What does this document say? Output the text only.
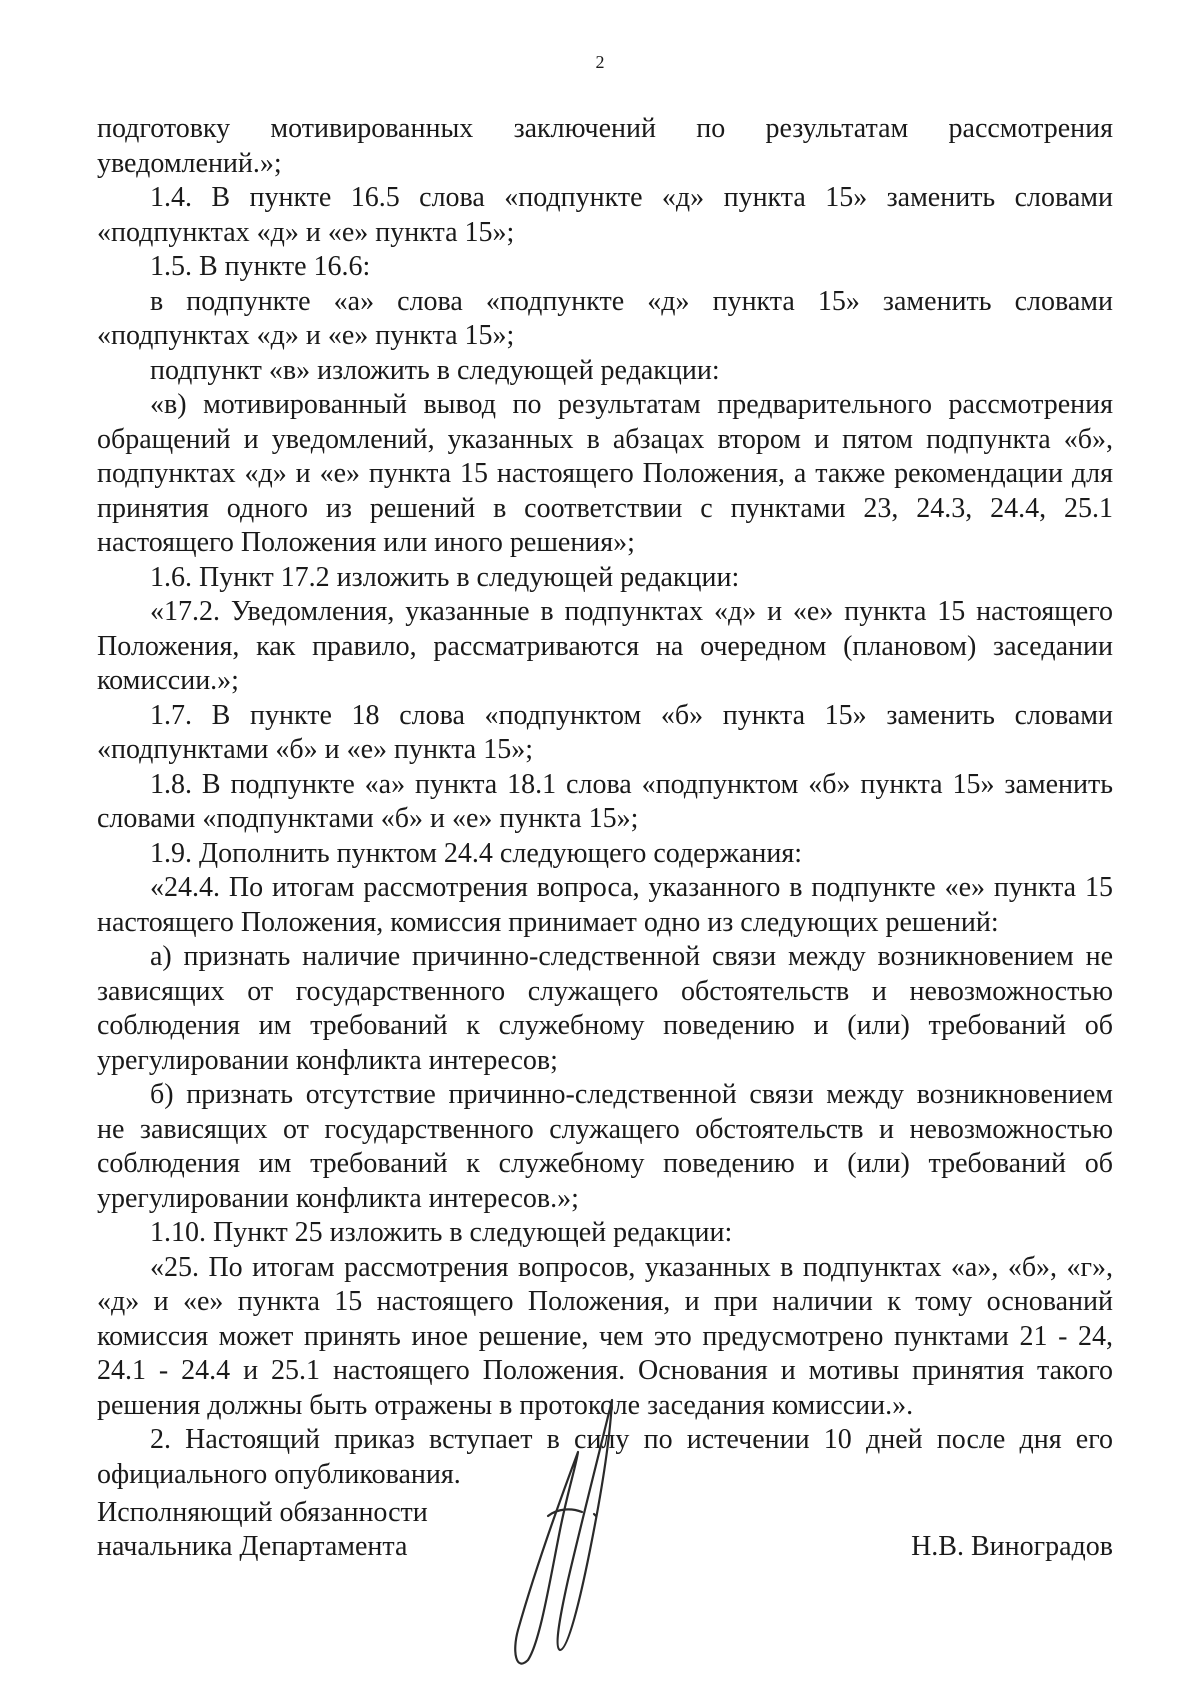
2

подготовку мотивированных заключений по результатам рассмотрения уведомлений.»;

1.4. В пункте 16.5 слова «подпункте «д» пункта 15» заменить словами «подпунктах «д» и «е» пункта 15»;

1.5. В пункте 16.6:

в подпункте «а» слова «подпункте «д» пункта 15» заменить словами «подпунктах «д» и «е» пункта 15»;

подпункт «в» изложить в следующей редакции:

«в) мотивированный вывод по результатам предварительного рассмотрения обращений и уведомлений, указанных в абзацах втором и пятом подпункта «б», подпунктах «д» и «е» пункта 15 настоящего Положения, а также рекомендации для принятия одного из решений в соответствии с пунктами 23, 24.3, 24.4, 25.1 настоящего Положения или иного решения»;

1.6. Пункт 17.2 изложить в следующей редакции:

«17.2. Уведомления, указанные в подпунктах «д» и «е» пункта 15 настоящего Положения, как правило, рассматриваются на очередном (плановом) заседании комиссии.»;

1.7. В пункте 18 слова «подпунктом «б» пункта 15» заменить словами «подпунктами «б» и «е» пункта 15»;

1.8. В подпункте «а» пункта 18.1 слова «подпунктом «б» пункта 15» заменить словами «подпунктами «б» и «е» пункта 15»;

1.9. Дополнить пунктом 24.4 следующего содержания:

«24.4. По итогам рассмотрения вопроса, указанного в подпункте «е» пункта 15 настоящего Положения, комиссия принимает одно из следующих решений:

а) признать наличие причинно-следственной связи между возникновением не зависящих от государственного служащего обстоятельств и невозможностью соблюдения им требований к служебному поведению и (или) требований об урегулировании конфликта интересов;

б) признать отсутствие причинно-следственной связи между возникновением не зависящих от государственного служащего обстоятельств и невозможностью соблюдения им требований к служебному поведению и (или) требований об урегулировании конфликта интересов.»;

1.10. Пункт 25 изложить в следующей редакции:

«25. По итогам рассмотрения вопросов, указанных в подпунктах «а», «б», «г», «д» и «е» пункта 15 настоящего Положения, и при наличии к тому оснований комиссия может принять иное решение, чем это предусмотрено пунктами 21 - 24, 24.1 - 24.4 и 25.1 настоящего Положения. Основания и мотивы принятия такого решения должны быть отражены в протоколе заседания комиссии.».

2. Настоящий приказ вступает в силу по истечении 10 дней после дня его официального опубликования.

Исполняющий обязанности
начальника Департамента	Н.В. Виноградов
